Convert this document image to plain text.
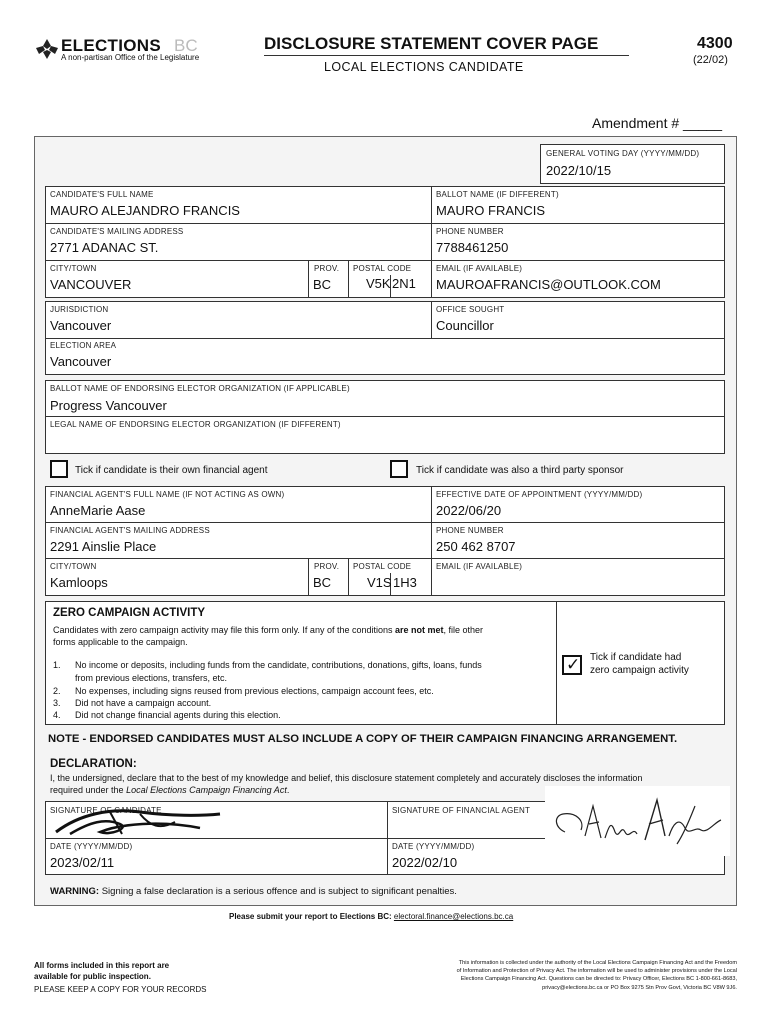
ELECTIONS BC
A non-partisan Office of the Legislature
DISCLOSURE STATEMENT COVER PAGE
LOCAL ELECTIONS CANDIDATE
4300
(22/02)
Amendment # _____
GENERAL VOTING DAY (YYYY/MM/DD)
2022/10/15
CANDIDATE'S FULL NAME
MAURO ALEJANDRO FRANCIS
BALLOT NAME (IF DIFFERENT)
MAURO FRANCIS
CANDIDATE'S MAILING ADDRESS
2771 ADANAC ST.
PHONE NUMBER
7788461250
CITY/TOWN
VANCOUVER
PROV.
BC
POSTAL CODE
V5K 2N1
EMAIL (IF AVAILABLE)
MAUROAFRANCIS@OUTLOOK.COM
JURISDICTION
Vancouver
OFFICE SOUGHT
Councillor
ELECTION AREA
Vancouver
BALLOT NAME OF ENDORSING ELECTOR ORGANIZATION (IF APPLICABLE)
Progress Vancouver
LEGAL NAME OF ENDORSING ELECTOR ORGANIZATION (IF DIFFERENT)
Tick if candidate is their own financial agent	Tick if candidate was also a third party sponsor
FINANCIAL AGENT'S FULL NAME (IF NOT ACTING AS OWN)
AnneMarie Aase
EFFECTIVE DATE OF APPOINTMENT (YYYY/MM/DD)
2022/06/20
FINANCIAL AGENT'S MAILING ADDRESS
2291 Ainslie Place
PHONE NUMBER
250 462 8707
CITY/TOWN
Kamloops
PROV.
BC
POSTAL CODE
V1S 1H3
EMAIL (IF AVAILABLE)
ZERO CAMPAIGN ACTIVITY
Candidates with zero campaign activity may file this form only. If any of the conditions are not met, file other
forms applicable to the campaign.
1. No income or deposits, including funds from the candidate, contributions, donations, gifts, loans, funds
from previous elections, transfers, etc.
2. No expenses, including signs reused from previous elections, campaign account fees, etc.
3. Did not have a campaign account.
4. Did not change financial agents during this election.
✓ Tick if candidate had
zero campaign activity
NOTE - ENDORSED CANDIDATES MUST ALSO INCLUDE A COPY OF THEIR CAMPAIGN FINANCING ARRANGEMENT.
DECLARATION:
I, the undersigned, declare that to the best of my knowledge and belief, this disclosure statement completely and accurately discloses the information
required under the Local Elections Campaign Financing Act.
SIGNATURE OF CANDIDATE	SIGNATURE OF FINANCIAL AGENT
DATE (YYYY/MM/DD)
2023/02/11
DATE (YYYY/MM/DD)
2022/02/10
WARNING: Signing a false declaration is a serious offence and is subject to significant penalties.
Please submit your report to Elections BC: electoral.finance@elections.bc.ca
All forms included in this report are
available for public inspection.
PLEASE KEEP A COPY FOR YOUR RECORDS
This information is collected under the authority of the Local Elections Campaign Financing Act and the Freedom
of Information and Protection of Privacy Act. The information will be used to administer provisions under the Local
Elections Campaign Financing Act. Questions can be directed to: Privacy Officer, Elections BC 1-800-661-8683,
privacy@elections.bc.ca or PO Box 9275 Stn Prov Govt, Victoria BC V8W 9J6.
